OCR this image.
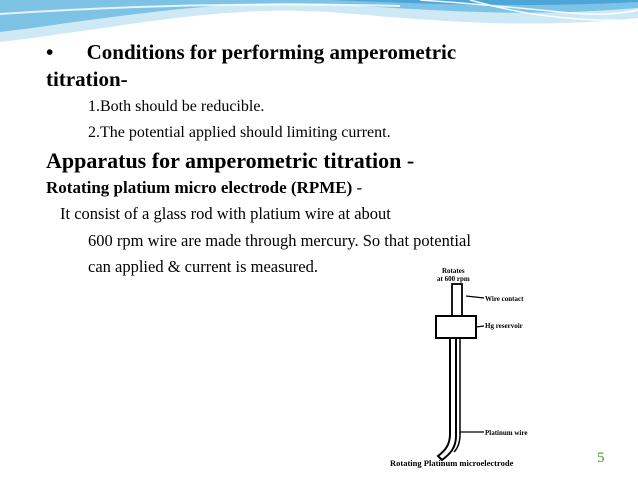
• Conditions for performing amperometric
titration-
1.Both should be reducible.
2.The potential applied should limiting current.
Apparatus for amperometric titration -
Rotating platium micro electrode (RPME) -
It consist of a glass rod with platium wire at about
600 rpm wire are made through mercury. So that potential
can applied & current is measured.	Rotates
at 600 rpm
Wire contact
Hg reservoir
Platinum wire
Rotating Platinum microelectrode	5
